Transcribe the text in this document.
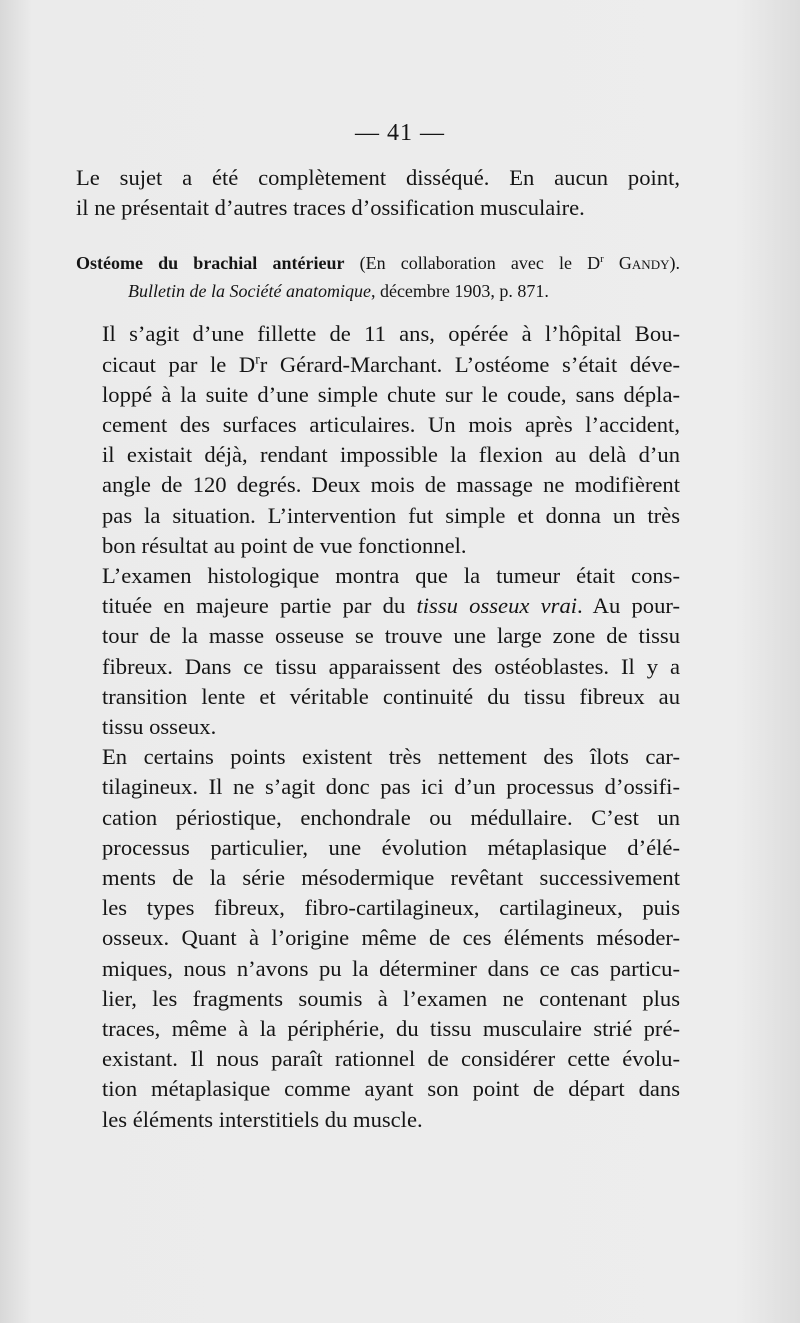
— 41 —

Le sujet a été complètement disséqué. En aucun point,
il ne présentait d’autres traces d’ossification musculaire.

Ostéome du brachial antérieur (En collaboration avec le $D^r$ Gandy).
Bulletin de la Société anatomique, décembre 1903, p. 871.

Il s’agit d’une fillette de 11 ans, opérée à l’hôpital Bou-
cicaut par le $D^rr$ Gérard-Marchant. L’ostéome s’était déve-
loppé à la suite d’une simple chute sur le coude, sans dépla-
cement des surfaces articulaires. Un mois après l’accident,
il existait déjà, rendant impossible la flexion au delà d’un
angle de 120 degrés. Deux mois de massage ne modifièrent
pas la situation. L’intervention fut simple et donna un très
bon résultat au point de vue fonctionnel.

L’examen histologique montra que la tumeur était cons-
tituée en majeure partie par du tissu osseux vrai. Au pour-
tour de la masse osseuse se trouve une large zone de tissu
fibreux. Dans ce tissu apparaissent des ostéoblastes. Il y a
transition lente et véritable continuité du tissu fibreux au
tissu osseux.

En certains points existent très nettement des îlots car-
tilagineux. Il ne s’agit donc pas ici d’un processus d’ossifi-
cation périostique, enchondrale ou médullaire. C’est un
processus particulier, une évolution métaplasique d’élé-
ments de la série mésodermique revêtant successivement
les types fibreux, fibro-cartilagineux, cartilagineux, puis
osseux. Quant à l’origine même de ces éléments mésoder-
miques, nous n’avons pu la déterminer dans ce cas particu-
lier, les fragments soumis à l’examen ne contenant plus
traces, même à la périphérie, du tissu musculaire strié pré-
existant. Il nous paraît rationnel de considérer cette évolu-
tion métaplasique comme ayant son point de départ dans
les éléments interstitiels du muscle.
